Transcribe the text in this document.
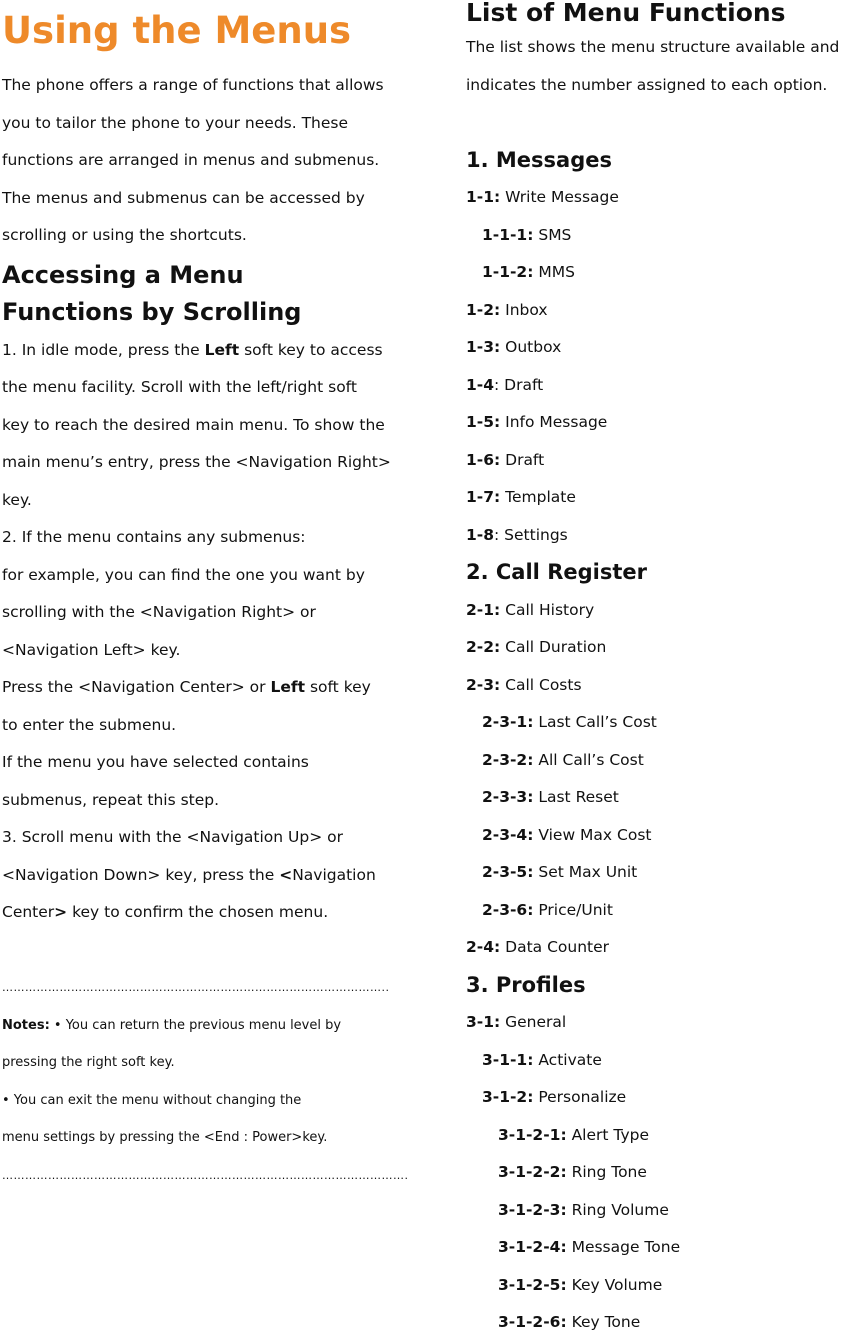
Using the Menus

The phone offers a range of functions that allows

you to tailor the phone to your needs. These

functions are arranged in menus and submenus.

The menus and submenus can be accessed by

scrolling or using the shortcuts.

Accessing a Menu

Functions by Scrolling

1. In idle mode, press the Left soft key to access

the menu facility. Scroll with the left/right soft

key to reach the desired main menu. To show the

main menu’s entry, press the <Navigation Right>

key.

2. If the menu contains any submenus:

for example, you can find the one you want by

scrolling with the <Navigation Right> or

<Navigation Left> key.

Press the <Navigation Center> or Left soft key

to enter the submenu.

If the menu you have selected contains

submenus, repeat this step.

3. Scroll menu with the <Navigation Up> or

<Navigation Down> key, press the <Navigation

Center> key to confirm the chosen menu.

………………………………………………………………………………………..

Notes: • You can return the previous menu level by

pressing the right soft key.

• You can exit the menu without changing the

menu settings by pressing the <End : Power>key.

…………………………………………………………………………………………….

List of Menu Functions

The list shows the menu structure available and

indicates the number assigned to each option.

1. Messages

1-1: Write Message

1-1-1: SMS

1-1-2: MMS

1-2: Inbox

1-3: Outbox

1-4: Draft

1-5: Info Message

1-6: Draft

1-7: Template

1-8: Settings

2. Call Register

2-1: Call History

2-2: Call Duration

2-3: Call Costs

2-3-1: Last Call’s Cost

2-3-2: All Call’s Cost

2-3-3: Last Reset

2-3-4: View Max Cost

2-3-5: Set Max Unit

2-3-6: Price/Unit

2-4: Data Counter

3. Profiles

3-1: General

3-1-1: Activate

3-1-2: Personalize

3-1-2-1: Alert Type

3-1-2-2: Ring Tone

3-1-2-3: Ring Volume

3-1-2-4: Message Tone

3-1-2-5: Key Volume

3-1-2-6: Key Tone
